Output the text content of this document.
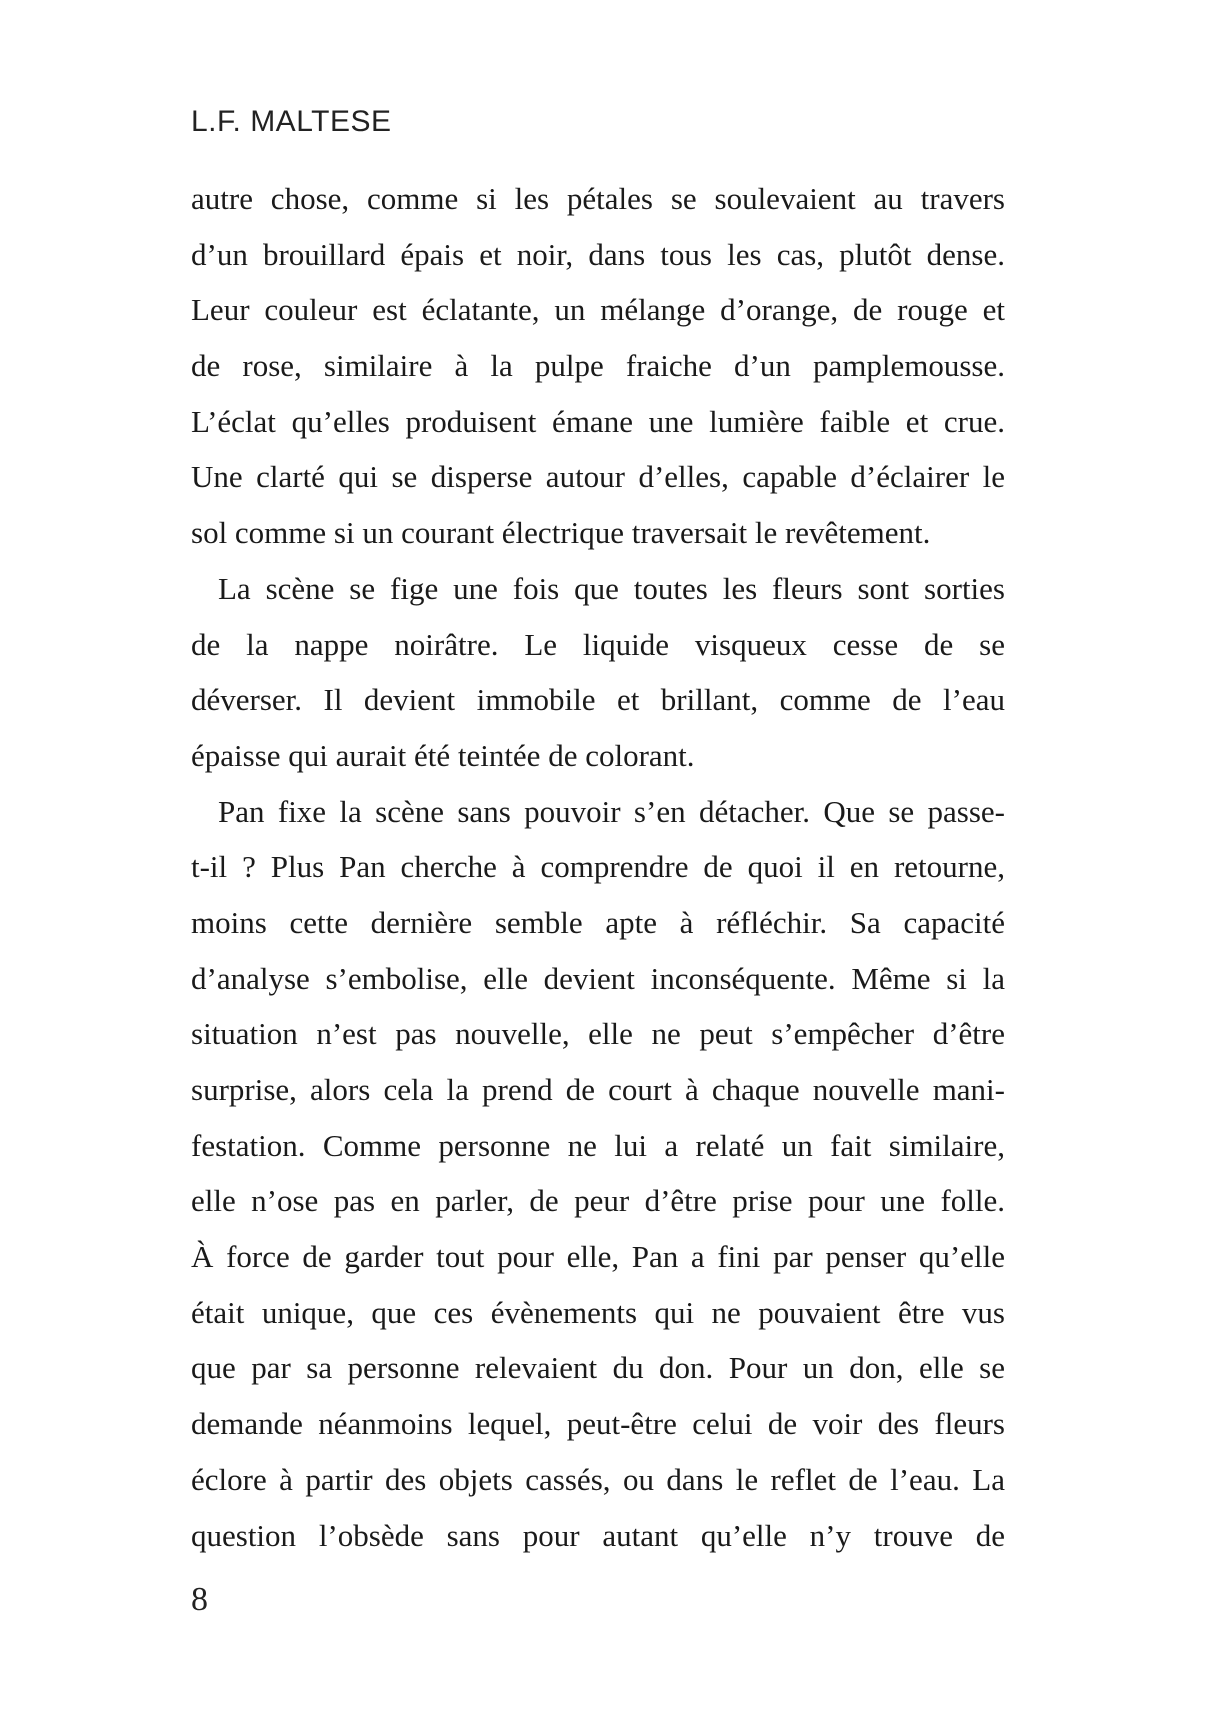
L.F. MALTESE
autre chose, comme si les pétales se soulevaient au travers
d’un brouillard épais et noir, dans tous les cas, plutôt dense.
Leur couleur est éclatante, un mélange d’orange, de rouge et
de rose, similaire à la pulpe fraiche d’un pamplemousse.
L’éclat qu’elles produisent émane une lumière faible et crue.
Une clarté qui se disperse autour d’elles, capable d’éclairer le
sol comme si un courant électrique traversait le revêtement.
La scène se fige une fois que toutes les fleurs sont sorties
de la nappe noirâtre. Le liquide visqueux cesse de se
déverser. Il devient immobile et brillant, comme de l’eau
épaisse qui aurait été teintée de colorant.
Pan fixe la scène sans pouvoir s’en détacher. Que se passe-
t-il ? Plus Pan cherche à comprendre de quoi il en retourne,
moins cette dernière semble apte à réfléchir. Sa capacité
d’analyse s’embolise, elle devient inconséquente. Même si la
situation n’est pas nouvelle, elle ne peut s’empêcher d’être
surprise, alors cela la prend de court à chaque nouvelle mani-
festation. Comme personne ne lui a relaté un fait similaire,
elle n’ose pas en parler, de peur d’être prise pour une folle.
À force de garder tout pour elle, Pan a fini par penser qu’elle
était unique, que ces évènements qui ne pouvaient être vus
que par sa personne relevaient du don. Pour un don, elle se
demande néanmoins lequel, peut-être celui de voir des fleurs
éclore à partir des objets cassés, ou dans le reflet de l’eau. La
question l’obsède sans pour autant qu’elle n’y trouve de
8
